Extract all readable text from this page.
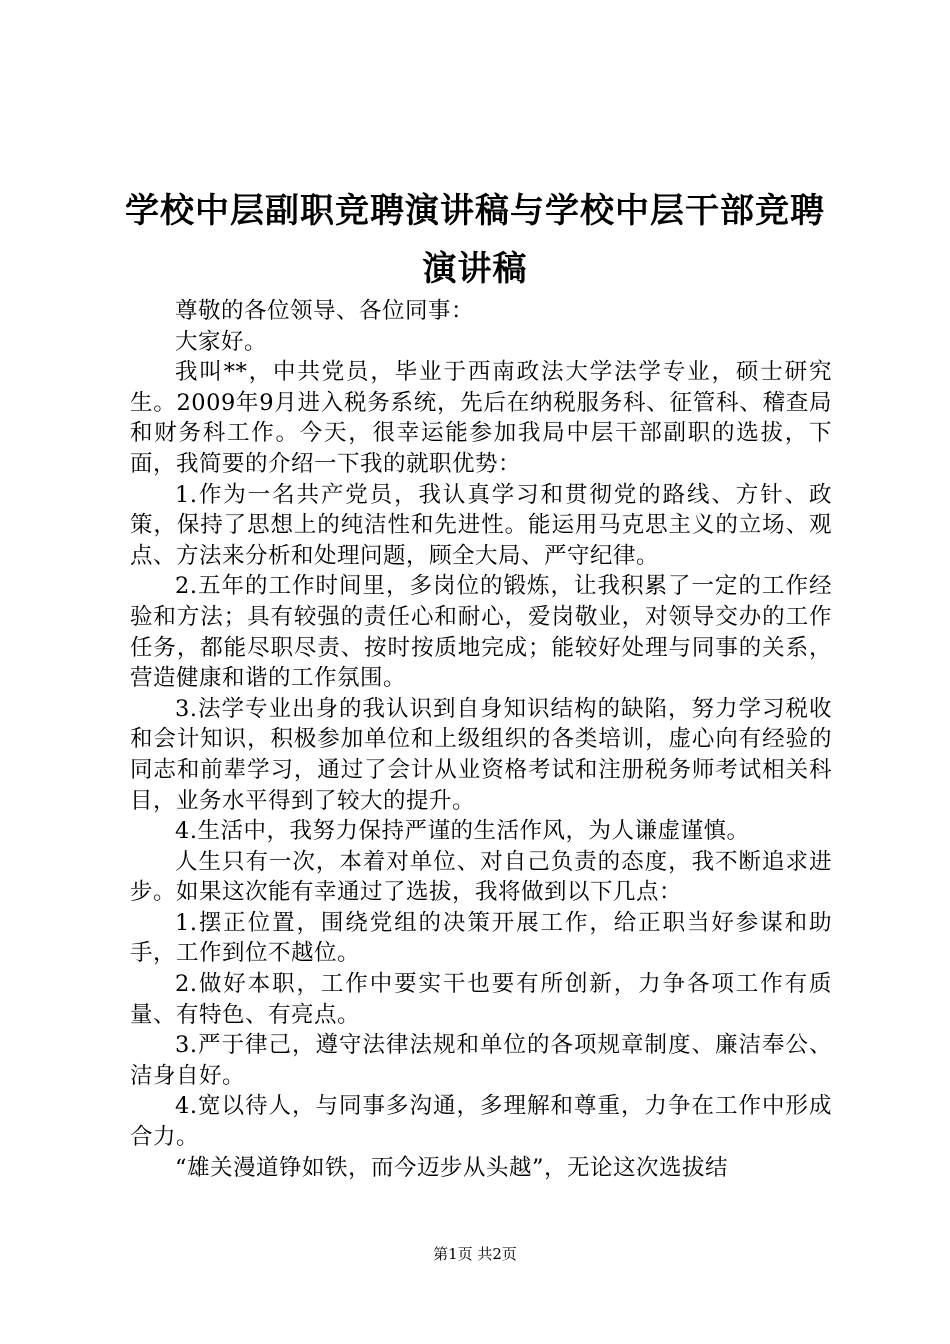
学校中层副职竞聘演讲稿与学校中层干部竞聘
演讲稿

尊敬的各位领导、各位同事：

大家好。

我叫**，中共党员，毕业于西南政法大学法学专业，硕士研究生。2009年9月进入税务系统，先后在纳税服务科、征管科、稽查局和财务科工作。今天，很幸运能参加我局中层干部副职的选拔，下面，我简要的介绍一下我的就职优势：

1.作为一名共产党员，我认真学习和贯彻党的路线、方针、政策，保持了思想上的纯洁性和先进性。能运用马克思主义的立场、观点、方法来分析和处理问题，顾全大局、严守纪律。

2.五年的工作时间里，多岗位的锻炼，让我积累了一定的工作经验和方法；具有较强的责任心和耐心，爱岗敬业，对领导交办的工作任务，都能尽职尽责、按时按质地完成；能较好处理与同事的关系，营造健康和谐的工作氛围。

3.法学专业出身的我认识到自身知识结构的缺陷，努力学习税收和会计知识，积极参加单位和上级组织的各类培训，虚心向有经验的同志和前辈学习，通过了会计从业资格考试和注册税务师考试相关科目，业务水平得到了较大的提升。

4.生活中，我努力保持严谨的生活作风，为人谦虚谨慎。

人生只有一次，本着对单位、对自己负责的态度，我不断追求进步。如果这次能有幸通过了选拔，我将做到以下几点：

1.摆正位置，围绕党组的决策开展工作，给正职当好参谋和助手，工作到位不越位。

2.做好本职，工作中要实干也要有所创新，力争各项工作有质量、有特色、有亮点。

3.严于律己，遵守法律法规和单位的各项规章制度、廉洁奉公、洁身自好。

4.宽以待人，与同事多沟通，多理解和尊重，力争在工作中形成合力。

“雄关漫道铮如铁，而今迈步从头越”，无论这次选拔结

第1页 共2页
